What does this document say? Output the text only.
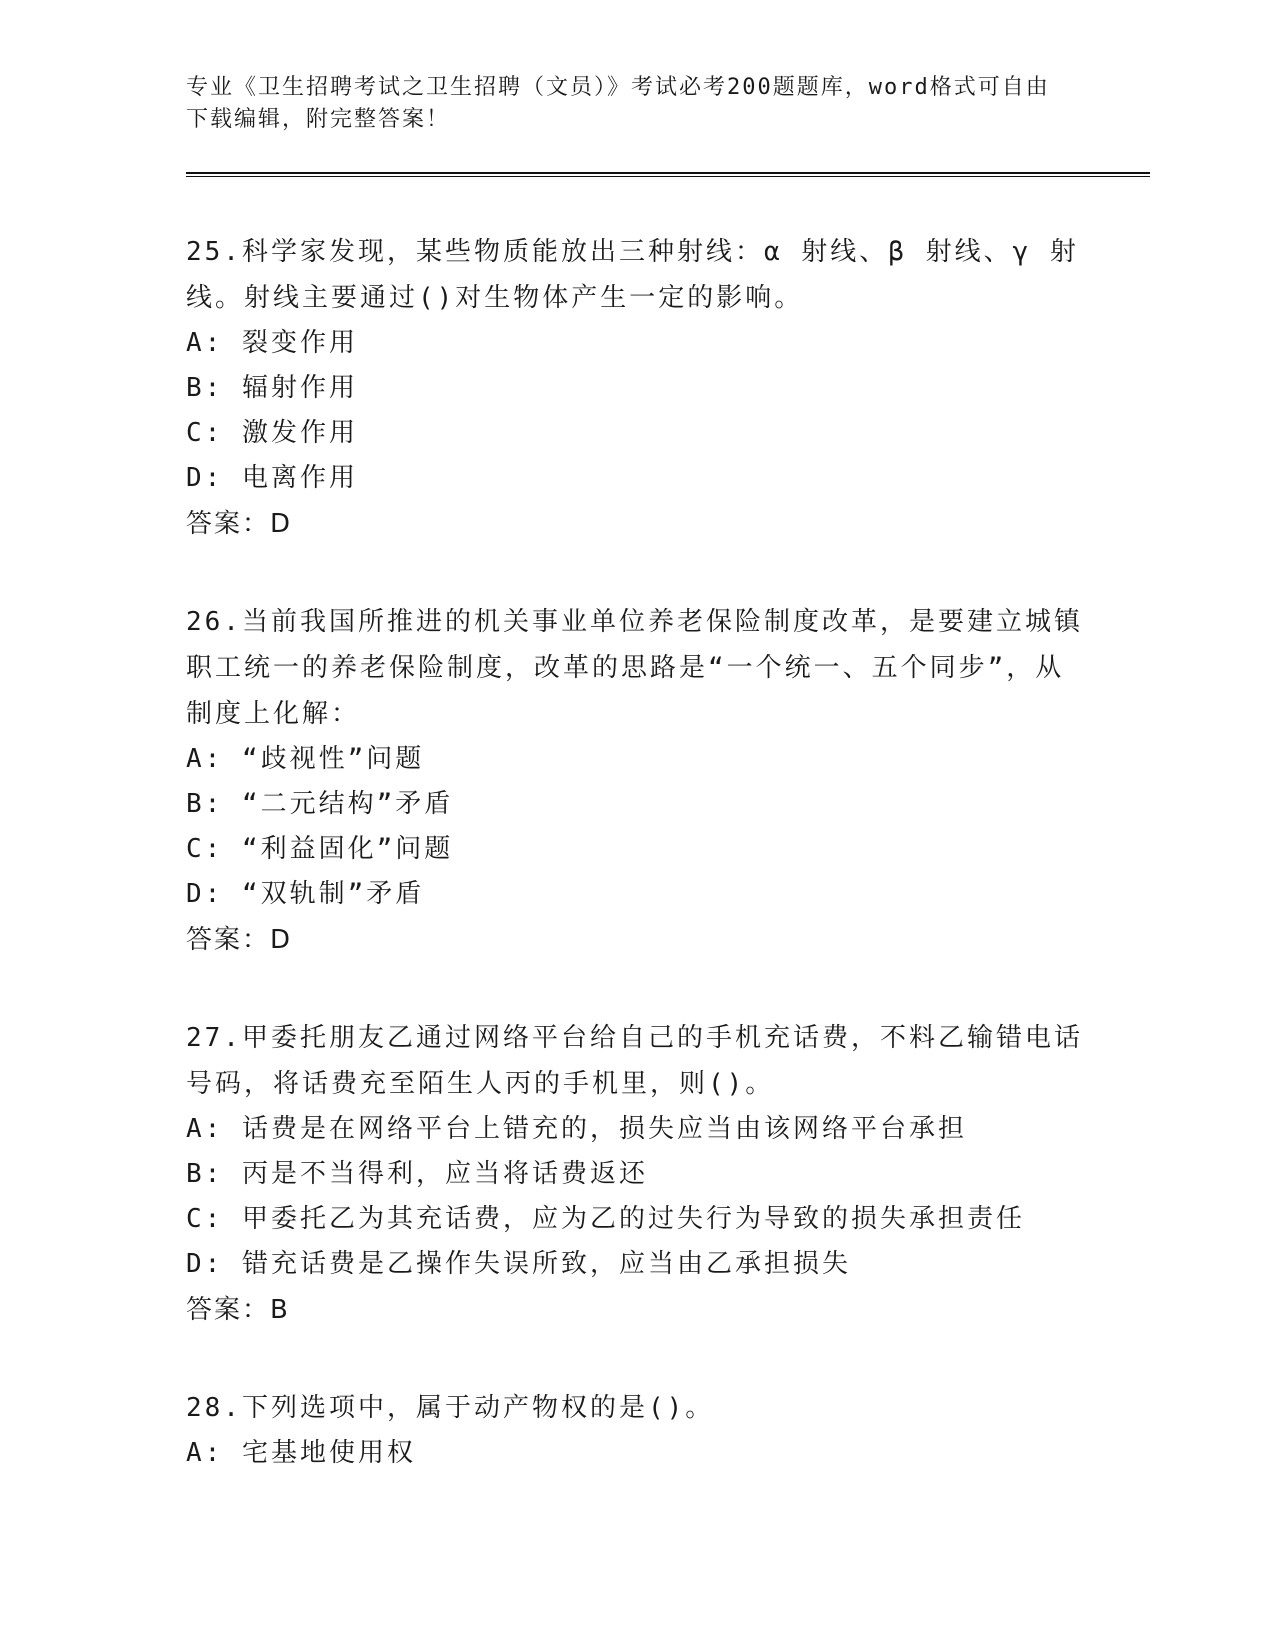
专业《卫生招聘考试之卫生招聘（文员）》考试必考200题题库，word格式可自由下载编辑，附完整答案！

25.科学家发现，某些物质能放出三种射线：α 射线、β 射线、γ 射线。射线主要通过()对生物体产生一定的影响。

A: 裂变作用

B: 辐射作用

C: 激发作用

D: 电离作用

答案：D

26.当前我国所推进的机关事业单位养老保险制度改革，是要建立城镇职工统一的养老保险制度，改革的思路是“一个统一、五个同步”，从制度上化解：

A: “歧视性”问题

B: “二元结构”矛盾

C: “利益固化”问题

D: “双轨制”矛盾

答案：D

27.甲委托朋友乙通过网络平台给自己的手机充话费，不料乙输错电话号码，将话费充至陌生人丙的手机里，则()。

A: 话费是在网络平台上错充的，损失应当由该网络平台承担

B: 丙是不当得利，应当将话费返还

C: 甲委托乙为其充话费，应为乙的过失行为导致的损失承担责任

D: 错充话费是乙操作失误所致，应当由乙承担损失

答案：B

28.下列选项中，属于动产物权的是()。

A: 宅基地使用权
